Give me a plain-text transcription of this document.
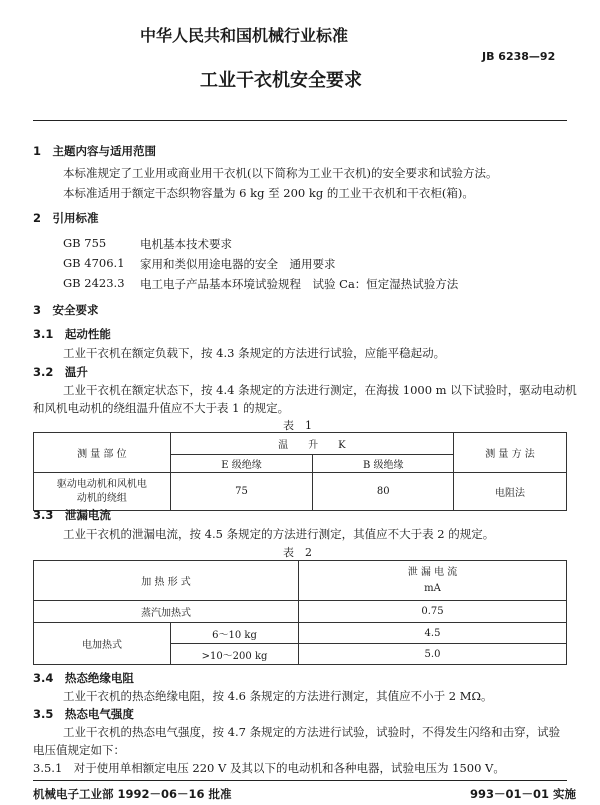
中华人民共和国机械行业标准
JB 6238—92
工业干衣机安全要求
1　主题内容与适用范围
本标准规定了工业用或商业用干衣机(以下简称为工业干衣机)的安全要求和试验方法。
本标准适用于额定干态织物容量为 6 kg 至 200 kg 的工业干衣机和干衣柜(箱)。
2　引用标准
GB 755	电机基本技术要求
GB 4706.1 家用和类似用途电器的安全　通用要求
GB 2423.3 电工电子产品基本环境试验规程　试验 Ca：恒定湿热试验方法
3　安全要求
3.1　起动性能
工业干衣机在额定负载下，按 4.3 条规定的方法进行试验，应能平稳起动。
3.2　温升
工业干衣机在额定状态下，按 4.4 条规定的方法进行测定，在海拔 1000 m 以下试验时，驱动电动机
和风机电动机的绕组温升值应不大于表 1 的规定。
表　1
测 量 部 位	温　　升　　K		测 量 方 法
	E 级绝缘	B 级绝缘	
驱动电动机和风机电
动机的绕组	75	80	电阻法
3.3　泄漏电流
工业干衣机的泄漏电流，按 4.5 条规定的方法进行测定，其值应不大于表 2 的规定。
表　2
加 热 形 式		泄 漏 电 流
mA
蒸汽加热式		0.75
电加热式	6～10 kg	4.5
	>10～200 kg	5.0
3.4　热态绝缘电阻
工业干衣机的热态绝缘电阻，按 4.6 条规定的方法进行测定，其值应不小于 2 MΩ。
3.5　热态电气强度
工业干衣机的热态电气强度，按 4.7 条规定的方法进行试验，试验时，不得发生闪络和击穿，试验
电压值规定如下：
3.5.1　对于使用单相额定电压 220 V 及其以下的电动机和各种电器，试验电压为 1500 V。
机械电子工业部 1992－06－16 批准	993－01－01 实施
